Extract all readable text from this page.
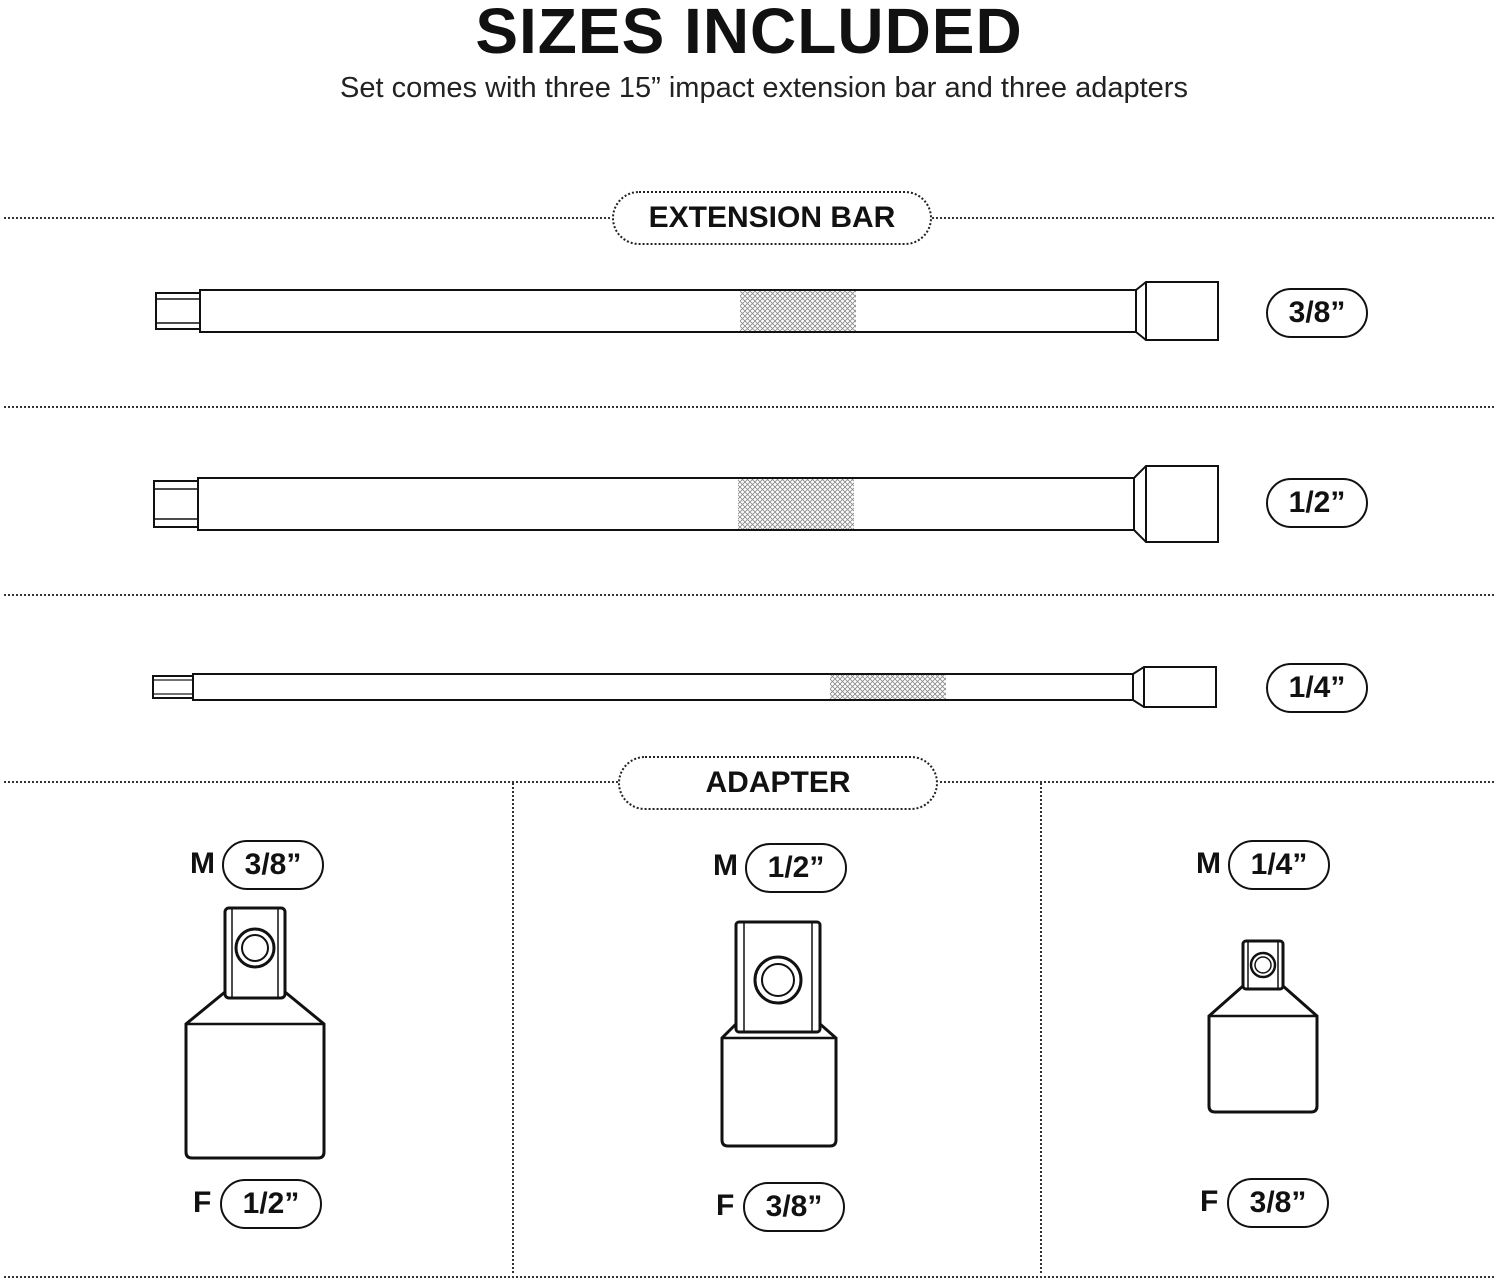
SIZES INCLUDED
Set comes with three 15” impact extension bar and three adapters
EXTENSION BAR
ADAPTER
3/8”
1/2”
1/4”
M 3/8”
F	1/2”
M 1/2”
F	3/8”
M 1/4”
F	3/8”
